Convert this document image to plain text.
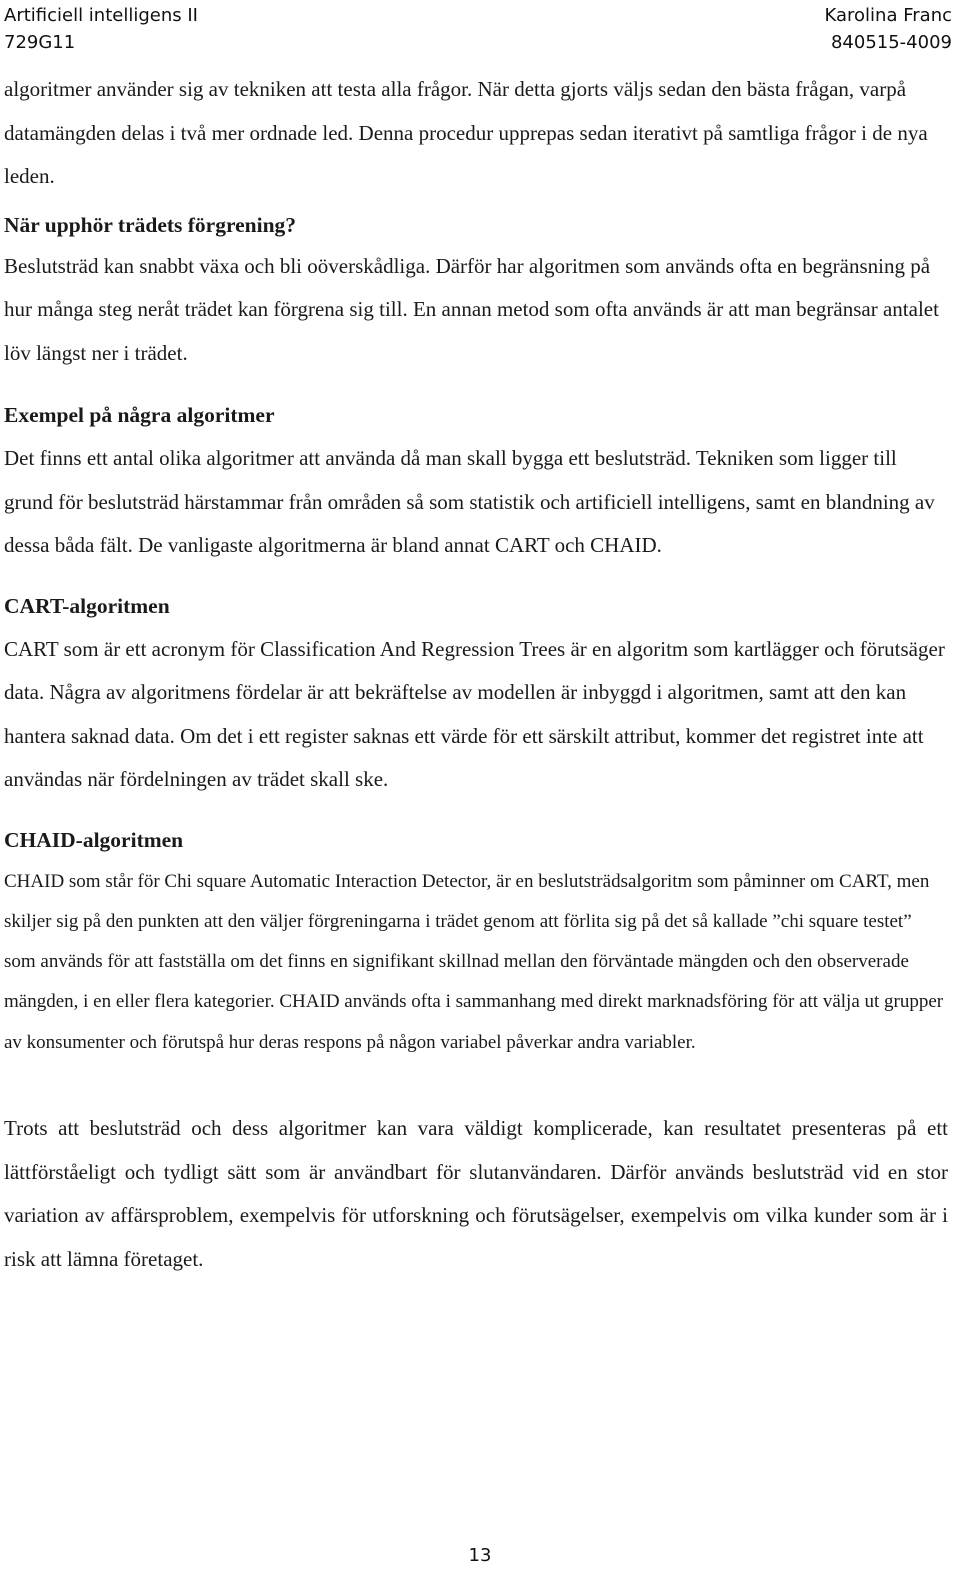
Artificiell intelligens II
729G11
Karolina Franc
840515-4009

algoritmer använder sig av tekniken att testa alla frågor. När detta gjorts väljs sedan den bästa frågan, varpå datamängden delas i två mer ordnade led. Denna procedur upprepas sedan iterativt på samtliga frågor i de nya leden.

När upphör trädets förgrening?

Beslutsträd kan snabbt växa och bli oöverskådliga. Därför har algoritmen som används ofta en begränsning på hur många steg neråt trädet kan förgrena sig till. En annan metod som ofta används är att man begränsar antalet löv längst ner i trädet.

Exempel på några algoritmer

Det finns ett antal olika algoritmer att använda då man skall bygga ett beslutsträd. Tekniken som ligger till grund för beslutsträd härstammar från områden så som statistik och artificiell intelligens, samt en blandning av dessa båda fält. De vanligaste algoritmerna är bland annat CART och CHAID.

CART-algoritmen

CART som är ett acronym för Classification And Regression Trees är en algoritm som kartlägger och förutsäger data. Några av algoritmens fördelar är att bekräftelse av modellen är inbyggd i algoritmen, samt att den kan hantera saknad data. Om det i ett register saknas ett värde för ett särskilt attribut, kommer det registret inte att användas när fördelningen av trädet skall ske.

CHAID-algoritmen

CHAID som står för Chi square Automatic Interaction Detector, är en beslutsträdsalgoritm som påminner om CART, men skiljer sig på den punkten att den väljer förgreningarna i trädet genom att förlita sig på det så kallade ”chi square testet” som används för att fastställa om det finns en signifikant skillnad mellan den förväntade mängden och den observerade mängden, i en eller flera kategorier. CHAID används ofta i sammanhang med direkt marknadsföring för att välja ut grupper av konsumenter och förutspå hur deras respons på någon variabel påverkar andra variabler.

Trots att beslutsträd och dess algoritmer kan vara väldigt komplicerade, kan resultatet presenteras på ett lättförståeligt och tydligt sätt som är användbart för slutanvändaren. Därför används beslutsträd vid en stor variation av affärsproblem, exempelvis för utforskning och förutsägelser, exempelvis om vilka kunder som är i risk att lämna företaget.

13
